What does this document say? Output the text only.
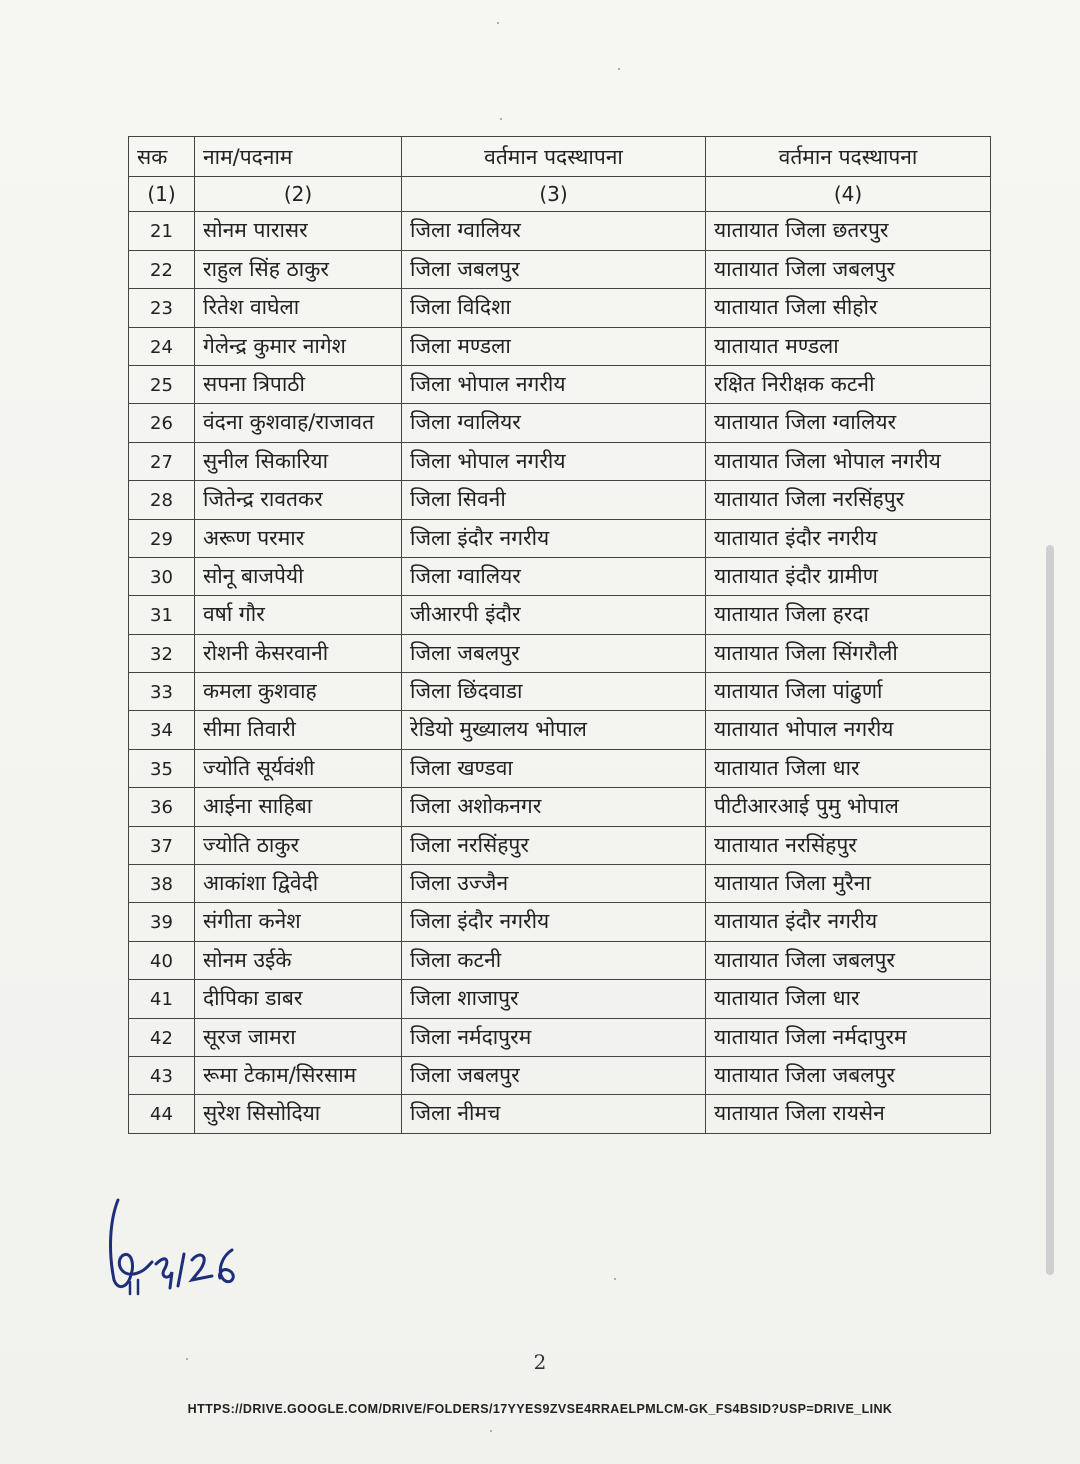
सक	नाम/पदनाम	वर्तमान पदस्थापना	वर्तमान पदस्थापना
(1)	(2)	(3)	(4)
21	सोनम पारासर	जिला ग्वालियर	यातायात जिला छतरपुर
22	राहुल सिंह ठाकुर	जिला जबलपुर	यातायात जिला जबलपुर
23	रितेश वाघेला	जिला विदिशा	यातायात जिला सीहोर
24	गेलेन्द्र कुमार नागेश	जिला मण्डला	यातायात मण्डला
25	सपना त्रिपाठी	जिला भोपाल नगरीय	रक्षित निरीक्षक कटनी
26	वंदना कुशवाह/राजावत	जिला ग्वालियर	यातायात जिला ग्वालियर
27	सुनील सिकारिया	जिला भोपाल नगरीय	यातायात जिला भोपाल नगरीय
28	जितेन्द्र रावतकर	जिला सिवनी	यातायात जिला नरसिंहपुर
29	अरूण परमार	जिला इंदौर नगरीय	यातायात इंदौर नगरीय
30	सोनू बाजपेयी	जिला ग्वालियर	यातायात इंदौर ग्रामीण
31	वर्षा गौर	जीआरपी इंदौर	यातायात जिला हरदा
32	रोशनी केसरवानी	जिला जबलपुर	यातायात जिला सिंगरौली
33	कमला कुशवाह	जिला छिंदवाडा	यातायात जिला पांढुर्णा
34	सीमा तिवारी	रेडियो मुख्यालय भोपाल	यातायात भोपाल नगरीय
35	ज्योति सूर्यवंशी	जिला खण्डवा	यातायात जिला धार
36	आईना साहिबा	जिला अशोकनगर	पीटीआरआई पुमु भोपाल
37	ज्योति ठाकुर	जिला नरसिंहपुर	यातायात नरसिंहपुर
38	आकांशा द्विवेदी	जिला उज्जैन	यातायात जिला मुरैना
39	संगीता कनेश	जिला इंदौर नगरीय	यातायात इंदौर नगरीय
40	सोनम उईके	जिला कटनी	यातायात जिला जबलपुर
41	दीपिका डाबर	जिला शाजापुर	यातायात जिला धार
42	सूरज जामरा	जिला नर्मदापुरम	यातायात जिला नर्मदापुरम
43	रूमा टेकाम/सिरसाम	जिला जबलपुर	यातायात जिला जबलपुर
44	सुरेश सिसोदिया	जिला नीमच	यातायात जिला रायसेन
2
HTTPS://DRIVE.GOOGLE.COM/DRIVE/FOLDERS/17YYES9ZVSE4RRAELPMLCM-GK_FS4BSID?USP=DRIVE_LINK
